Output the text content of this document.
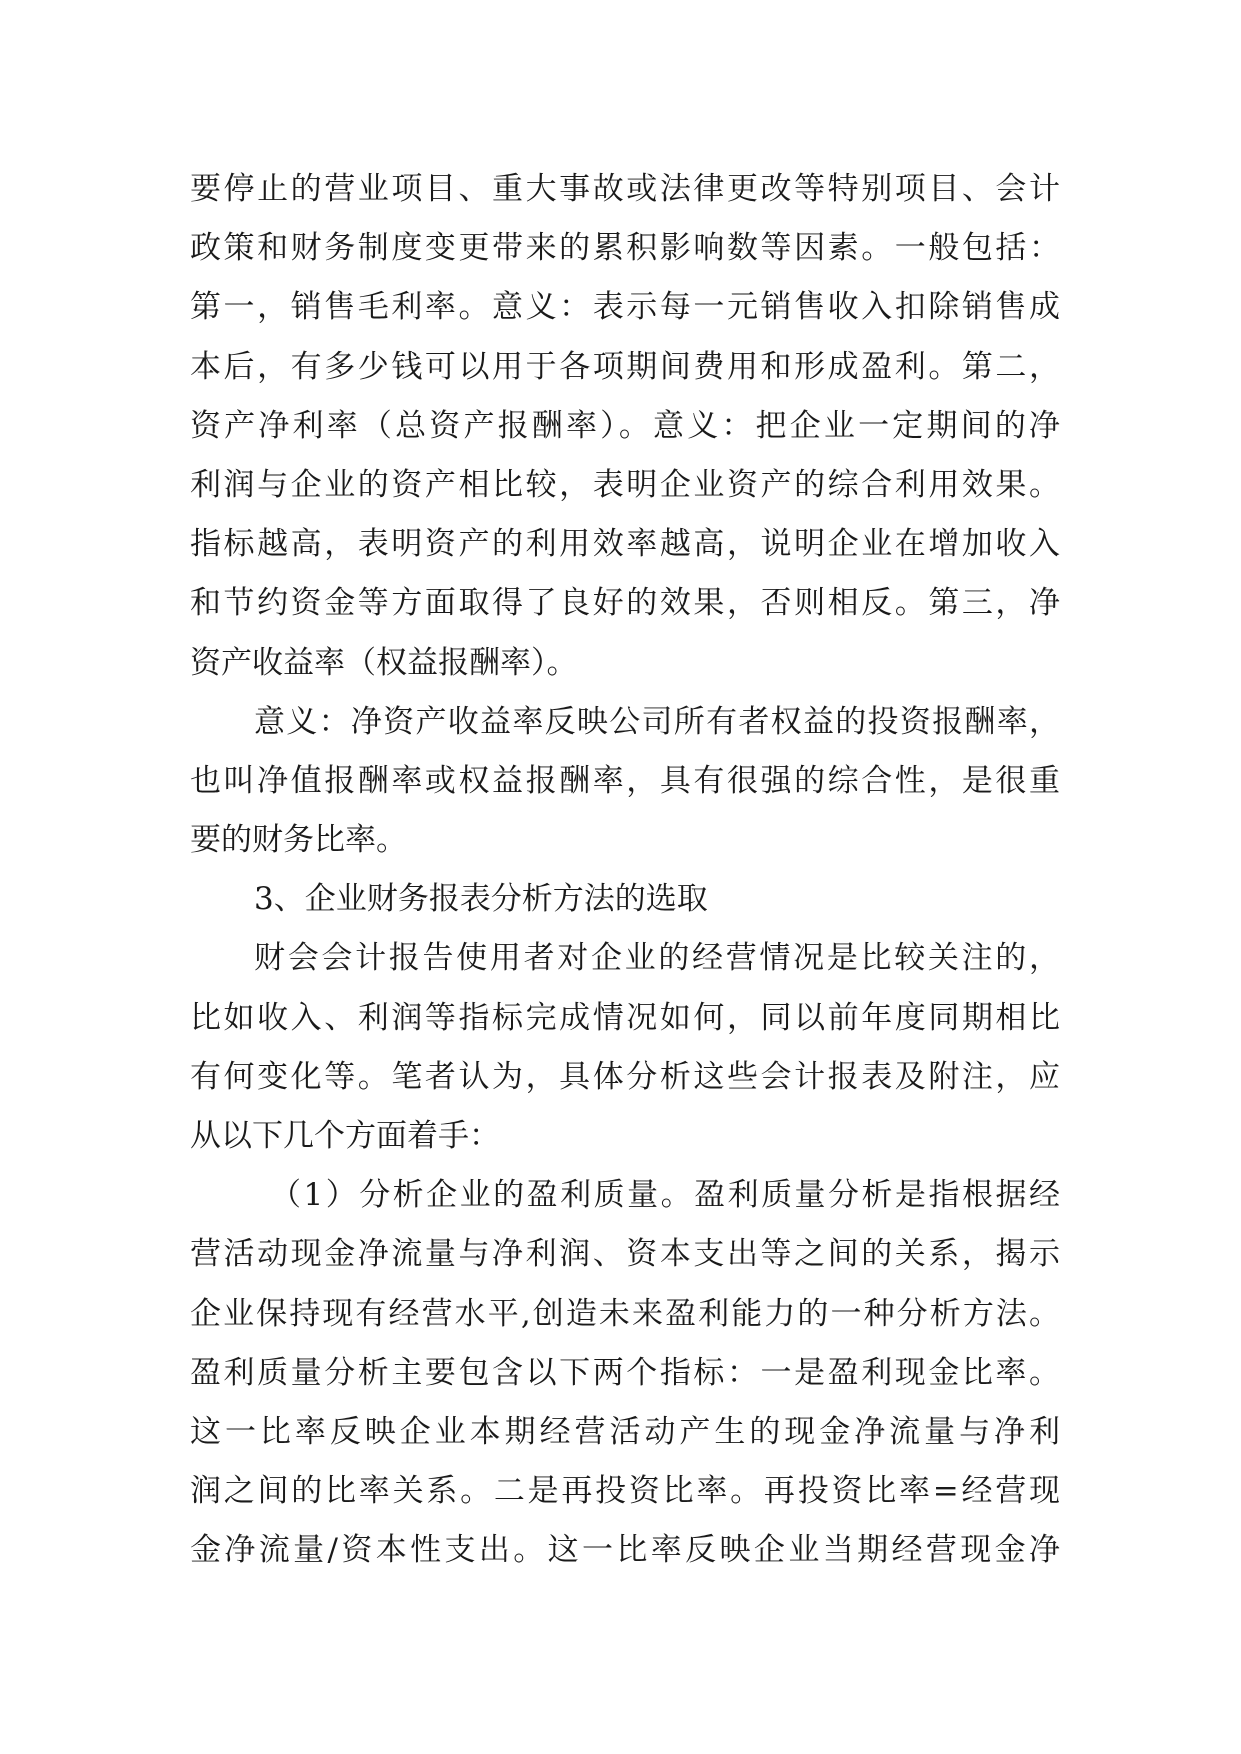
要停止的营业项目、重大事故或法律更改等特别项目、会计
政策和财务制度变更带来的累积影响数等因素。一般包括：
第一，销售毛利率。意义：表示每一元销售收入扣除销售成
本后，有多少钱可以用于各项期间费用和形成盈利。第二，
资产净利率（总资产报酬率）。意义：把企业一定期间的净
利润与企业的资产相比较，表明企业资产的综合利用效果。
指标越高，表明资产的利用效率越高，说明企业在增加收入
和节约资金等方面取得了良好的效果，否则相反。第三，净
资产收益率（权益报酬率）。
意义：净资产收益率反映公司所有者权益的投资报酬率，
也叫净值报酬率或权益报酬率，具有很强的综合性，是很重
要的财务比率。
3、企业财务报表分析方法的选取
财会会计报告使用者对企业的经营情况是比较关注的，
比如收入、利润等指标完成情况如何，同以前年度同期相比
有何变化等。笔者认为，具体分析这些会计报表及附注，应
从以下几个方面着手：
（1）分析企业的盈利质量。盈利质量分析是指根据经
营活动现金净流量与净利润、资本支出等之间的关系，揭示
企业保持现有经营水平,创造未来盈利能力的一种分析方法。
盈利质量分析主要包含以下两个指标：一是盈利现金比率。
这一比率反映企业本期经营活动产生的现金净流量与净利
润之间的比率关系。二是再投资比率。再投资比率=经营现
金净流量/资本性支出。这一比率反映企业当期经营现金净
